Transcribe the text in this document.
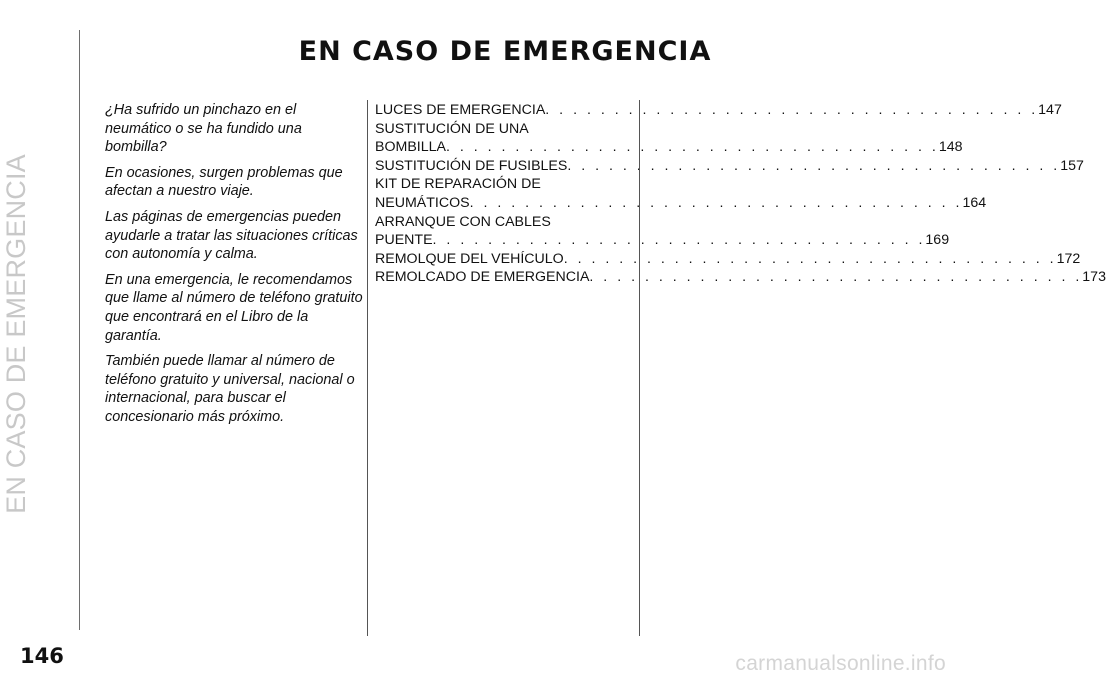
EN CASO DE EMERGENCIA
EN CASO DE EMERGENCIA

¿Ha sufrido un pinchazo en el neumático o se ha fundido una bombilla?

En ocasiones, surgen problemas que afectan a nuestro viaje.

Las páginas de emergencias pueden ayudarle a tratar las situaciones críticas con autonomía y calma.

En una emergencia, le recomendamos que llame al número de teléfono gratuito que encontrará en el Libro de la garantía.

También puede llamar al número de teléfono gratuito y universal, nacional o internacional, para buscar el concesionario más próximo.

LUCES DE EMERGENCIA . . . . . . . . . . . . . . . . . . . . . . . . . . . . . . . . . . . . 147
SUSTITUCIÓN DE UNA
BOMBILLA . . . . . . . . . . . . . . . . . . . . . . . . . . . . . . . . . . . . 148
SUSTITUCIÓN DE FUSIBLES . . . . . . . . . . . . . . . . . . . . . . . . . . . . . . . . . . . . 157
KIT DE REPARACIÓN DE
NEUMÁTICOS . . . . . . . . . . . . . . . . . . . . . . . . . . . . . . . . . . . . 164
ARRANQUE CON CABLES
PUENTE . . . . . . . . . . . . . . . . . . . . . . . . . . . . . . . . . . . . 169
REMOLQUE DEL VEHÍCULO . . . . . . . . . . . . . . . . . . . . . . . . . . . . . . . . . . . . 172
REMOLCADO DE EMERGENCIA . . . . . . . . . . . . . . . . . . . . . . . . . . . . . . . . . . . . 173
146	carmanualsonline.info
